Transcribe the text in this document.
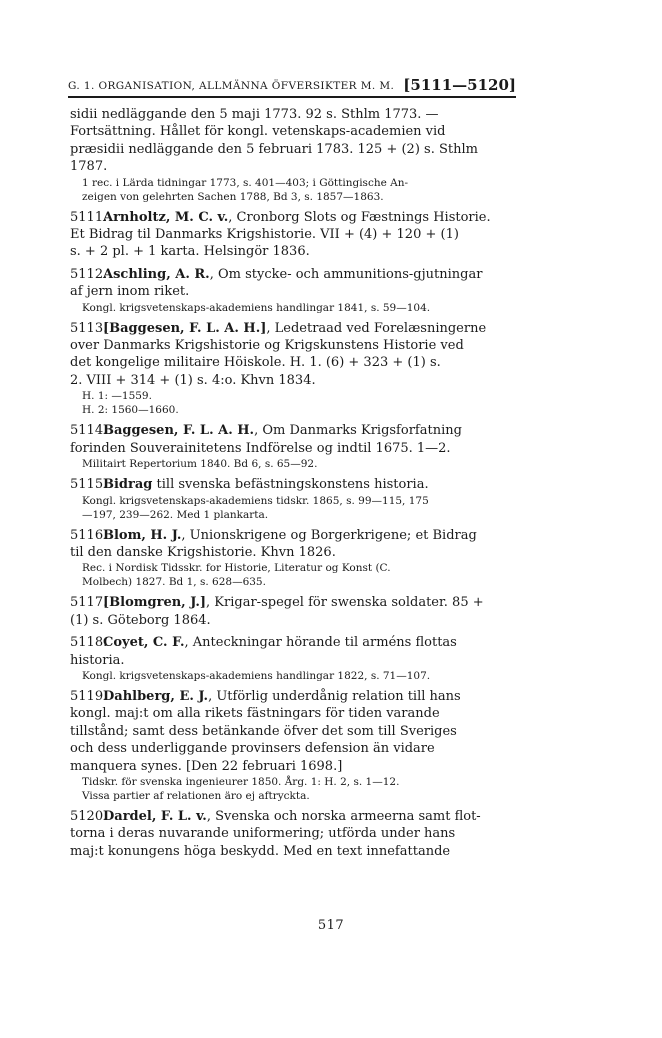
G. 1. ORGANISATION, ALLMÄNNA ÖFVERSIKTER M. M. [5111—5120]
sidii nedläggande den 5 maji 1773. 92 s. Sthlm 1773. —
Fortsättning. Hållet för kongl. vetenskaps-academien vid
præsidii nedläggande den 5 februari 1783. 125 + (2) s. Sthlm
1787.
1 rec. i Lärda tidningar 1773, s. 401—403; i Göttingische An-
zeigen von gelehrten Sachen 1788, Bd 3, s. 1857—1863.
5111.Arnholtz, M. C. v., Cronborg Slots og Fæstnings Historie.
Et Bidrag til Danmarks Krigshistorie. VII + (4) + 120 + (1)
s. + 2 pl. + 1 karta. Helsingör 1836.
5112.Aschling, A. R., Om stycke- och ammunitions-gjutningar
af jern inom riket.
Kongl. krigsvetenskaps-akademiens handlingar 1841, s. 59—104.
5113.[Baggesen, F. L. A. H.], Ledetraad ved Forelæsningerne
over Danmarks Krigshistorie og Krigskunstens Historie ved
det kongelige militaire Höiskole. H. 1. (6) + 323 + (1) s.
2. VIII + 314 + (1) s. 4:o. Khvn 1834.
H. 1: —1559.
H. 2: 1560—1660.
5114.Baggesen, F. L. A. H., Om Danmarks Krigsforfatning
forinden Souverainitetens Indförelse og indtil 1675. 1—2.
Militairt Repertorium 1840. Bd 6, s. 65—92.
5115.Bidrag till svenska befästningskonstens historia.
Kongl. krigsvetenskaps-akademiens tidskr. 1865, s. 99—115, 175
—197, 239—262. Med 1 plankarta.
5116.Blom, H. J., Unionskrigene og Borgerkrigene; et Bidrag
til den danske Krigshistorie. Khvn 1826.
Rec. i Nordisk Tidsskr. for Historie, Literatur og Konst (C.
Molbech) 1827. Bd 1, s. 628—635.
5117.[Blomgren, J.], Krigar-spegel för swenska soldater. 85 +
(1) s. Göteborg 1864.
5118.Coyet, C. F., Anteckningar hörande til arméns flottas
historia.
Kongl. krigsvetenskaps-akademiens handlingar 1822, s. 71—107.
5119.Dahlberg, E. J., Utförlig underdånig relation till hans
kongl. maj:t om alla rikets fästningars för tiden varande
tillstånd; samt dess betänkande öfver det som till Sveriges
och dess underliggande provinsers defension än vidare
manquera synes. [Den 22 februari 1698.]
Tidskr. för svenska ingenieurer 1850. Årg. 1: H. 2, s. 1—12.
Vissa partier af relationen äro ej aftryckta.
5120.Dardel, F. L. v., Svenska och norska armeerna samt flot-
torna i deras nuvarande uniformering; utförda under hans
maj:t konungens höga beskydd. Med en text innefattande
517
